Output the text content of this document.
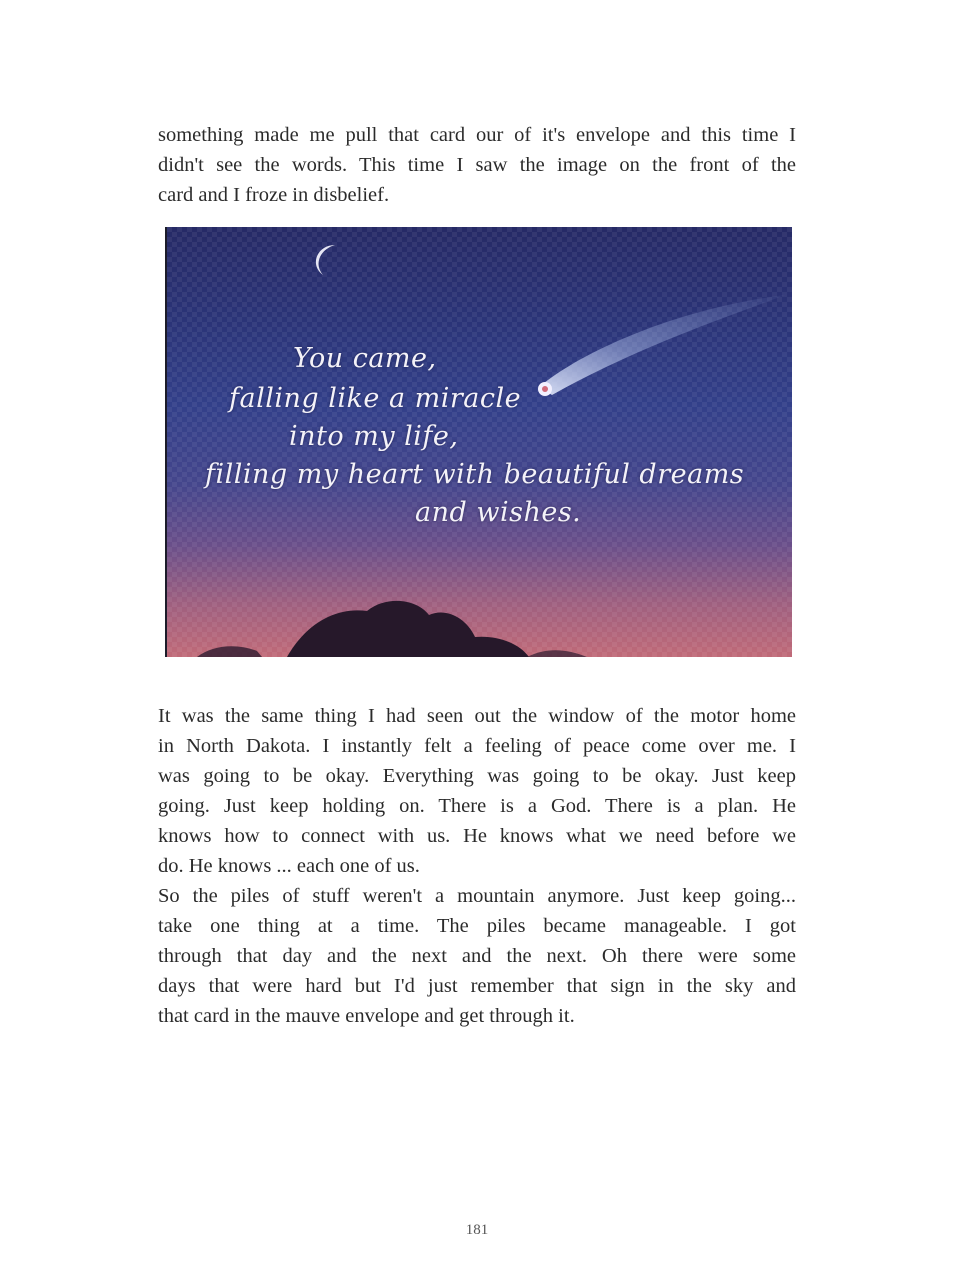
something made me pull that card our of it's envelope and this time I
didn't see the words. This time I saw the image on the front of the
card and I froze in disbelief.

You came,
falling like a miracle
into my life,
filling my heart with beautiful dreams
and wishes.

It was the same thing I had seen out the window of the motor home
in North Dakota. I instantly felt a feeling of peace come over me. I
was going to be okay. Everything was going to be okay. Just keep
going. Just keep holding on. There is a God. There is a plan. He
knows how to connect with us. He knows what we need before we
do. He knows ... each one of us.

So the piles of stuff weren't a mountain anymore. Just keep going...
take one thing at a time. The piles became manageable. I got
through that day and the next and the next. Oh there were some
days that were hard but I'd just remember that sign in the sky and
that card in the mauve envelope and get through it.

181
